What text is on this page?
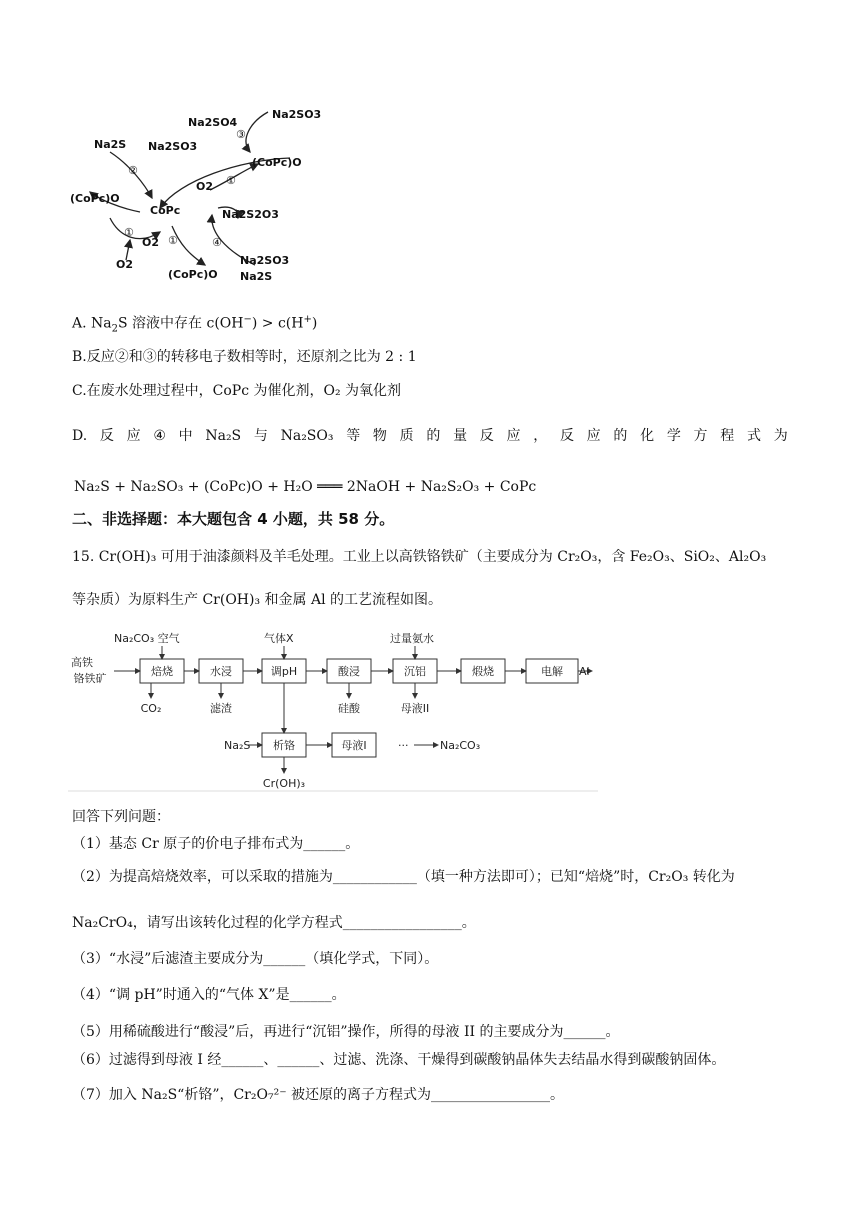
Na2SO4
Na2SO3
Na2S Na2SO3
(CoPc)O
(CoPc)O
CoPc
O2
Na2S2O3
O2
O2
(CoPc)O
Na2SO3
Na2S
③
②
①
①
①	④
A. $Na_2S$ 溶液中存在 c(OH−) > c(H+)
B.反应②和③的转移电子数相等时，还原剂之比为 2 : 1
C.在废水处理过程中，CoPc 为催化剂，O₂ 为氧化剂
D. 反 应 ④ 中 Na₂S 与 Na₂SO₃ 等 物 质 的 量 反 应 ， 反 应 的 化 学 方 程 式 为
Na₂S + Na₂SO₃ + (CoPc)O + H₂O ═══ 2NaOH + Na₂S₂O₃ + CoPc
二、非选择题：本大题包含 4 小题，共 58 分。
15. Cr(OH)₃ 可用于油漆颜料及羊毛处理。工业上以高铁铬铁矿（主要成分为 Cr₂O₃，含 Fe₂O₃、SiO₂、Al₂O₃
等杂质）为原料生产 Cr(OH)₃ 和金属 Al 的工艺流程如图。
高铁
铬铁矿
Na₂CO₃ 空气	气体X	过量氨水
焙烧	水浸	调pH	酸浸	沉铝	煅烧	电解 Al
CO₂	滤渣	硅酸	母液II
Na₂S 析铬	母液I	···	Na₂CO₃
Cr(OH)₃
回答下列问题：
（1）基态 Cr 原子的价电子排布式为______。
（2）为提高焙烧效率，可以采取的措施为____________（填一种方法即可）；已知“焙烧”时，Cr₂O₃ 转化为
Na₂CrO₄，请写出该转化过程的化学方程式_________________。
（3）“水浸”后滤渣主要成分为______（填化学式，下同）。
（4）“调 pH”时通入的“气体 X”是______。
（5）用稀硫酸进行“酸浸”后，再进行“沉铝”操作，所得的母液 II 的主要成分为______。
（6）过滤得到母液 I 经______、______、过滤、洗涤、干燥得到碳酸钠晶体失去结晶水得到碳酸钠固体。
（7）加入 Na₂S“析铬”，Cr₂O₇²⁻ 被还原的离子方程式为_________________。
